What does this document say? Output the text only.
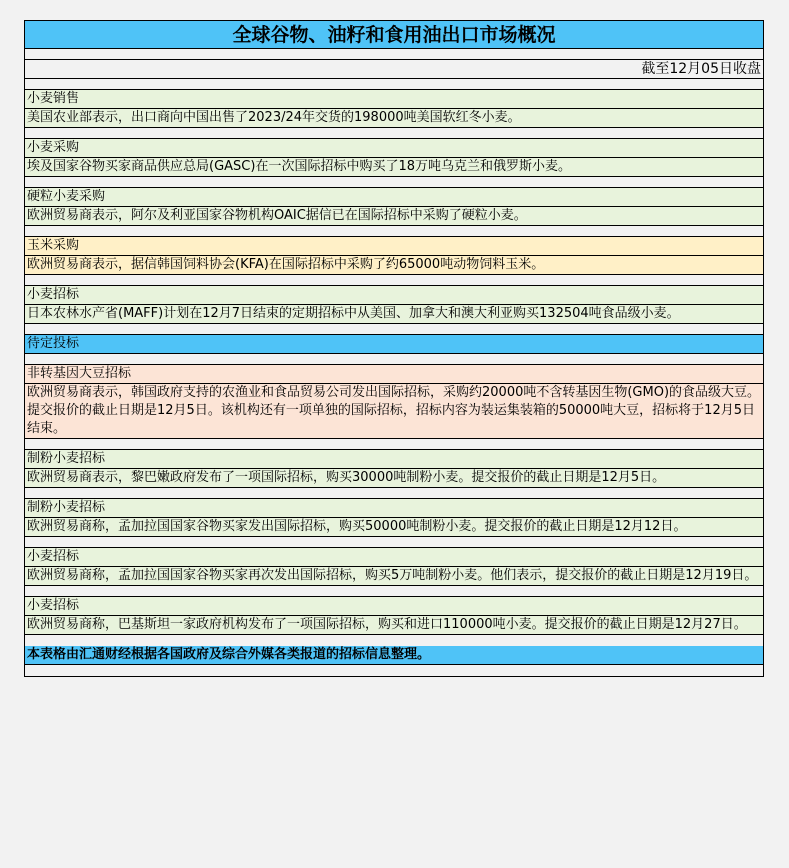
全球谷物、油籽和食用油出口市场概况
截至12月05日收盘
小麦销售
美国农业部表示，出口商向中国出售了2023/24年交货的198000吨美国软红冬小麦。
小麦采购
埃及国家谷物买家商品供应总局(GASC)在一次国际招标中购买了18万吨乌克兰和俄罗斯小麦。
硬粒小麦采购
欧洲贸易商表示，阿尔及利亚国家谷物机构OAIC据信已在国际招标中采购了硬粒小麦。
玉米采购
欧洲贸易商表示，据信韩国饲料协会(KFA)在国际招标中采购了约65000吨动物饲料玉米。
小麦招标
日本农林水产省(MAFF)计划在12月7日结束的定期招标中从美国、加拿大和澳大利亚购买132504吨食品级小麦。
待定投标
非转基因大豆招标
欧洲贸易商表示，韩国政府支持的农渔业和食品贸易公司发出国际招标，采购约20000吨不含转基因生物(GMO)的食品级大豆。提交报价的截止日期是12月5日。该机构还有一项单独的国际招标，招标内容为装运集装箱的50000吨大豆，招标将于12月5日结束。
制粉小麦招标
欧洲贸易商表示，黎巴嫩政府发布了一项国际招标，购买30000吨制粉小麦。提交报价的截止日期是12月5日。
制粉小麦招标
欧洲贸易商称，孟加拉国国家谷物买家发出国际招标，购买50000吨制粉小麦。提交报价的截止日期是12月12日。
小麦招标
欧洲贸易商称，孟加拉国国家谷物买家再次发出国际招标，购买5万吨制粉小麦。他们表示，提交报价的截止日期是12月19日。
小麦招标
欧洲贸易商称，巴基斯坦一家政府机构发布了一项国际招标，购买和进口110000吨小麦。提交报价的截止日期是12月27日。
本表格由汇通财经根据各国政府及综合外媒各类报道的招标信息整理。
